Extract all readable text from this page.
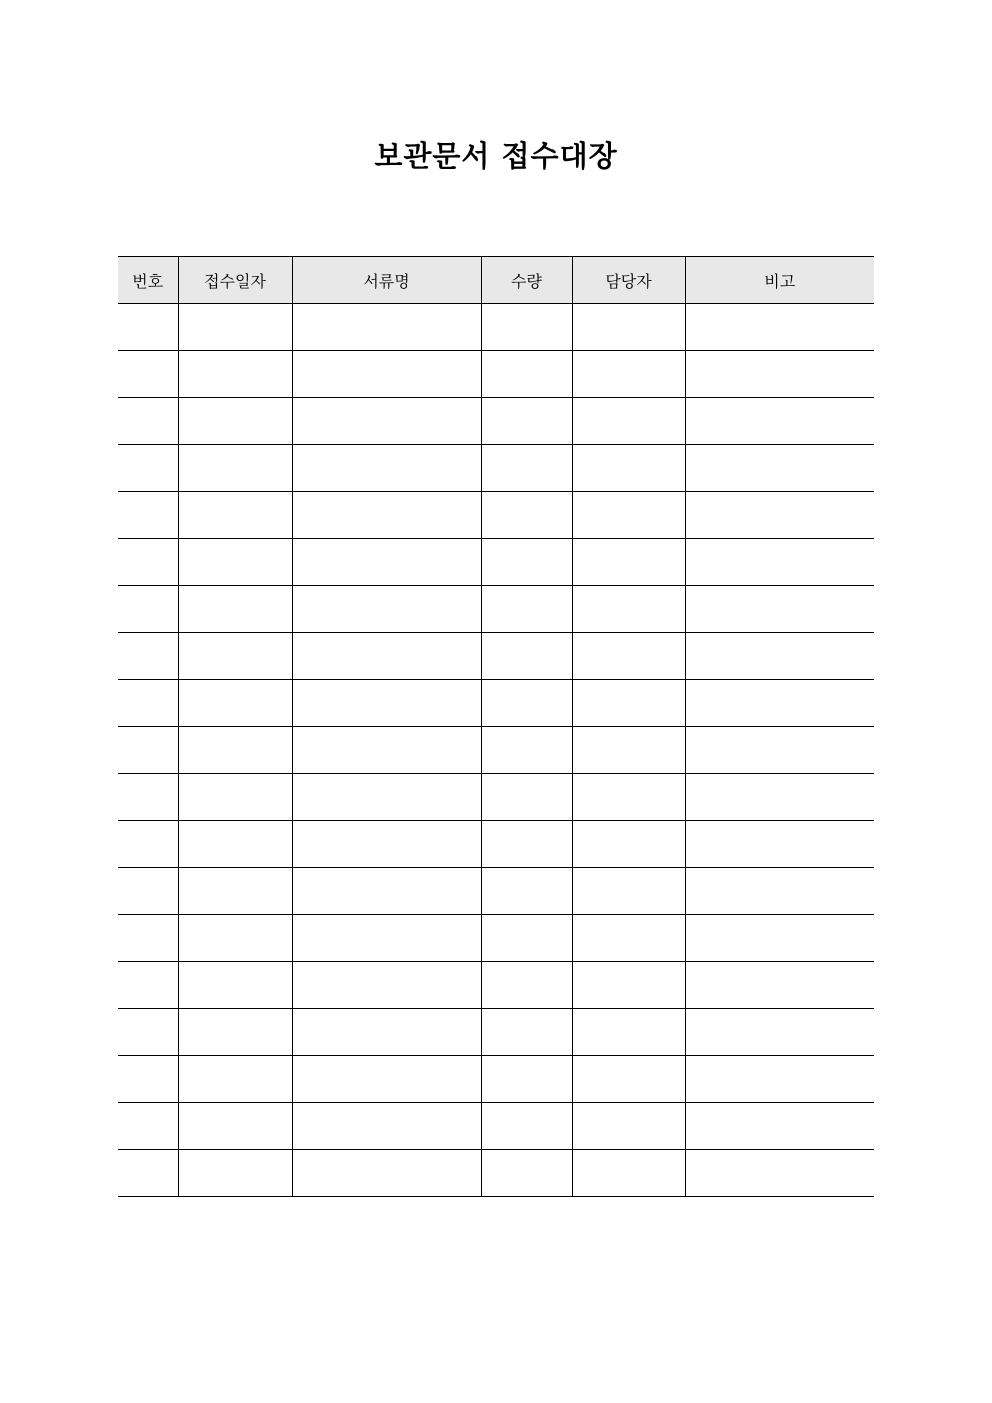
보관문서 접수대장
번호	접수일자	서류명	수량	담당자	비고
